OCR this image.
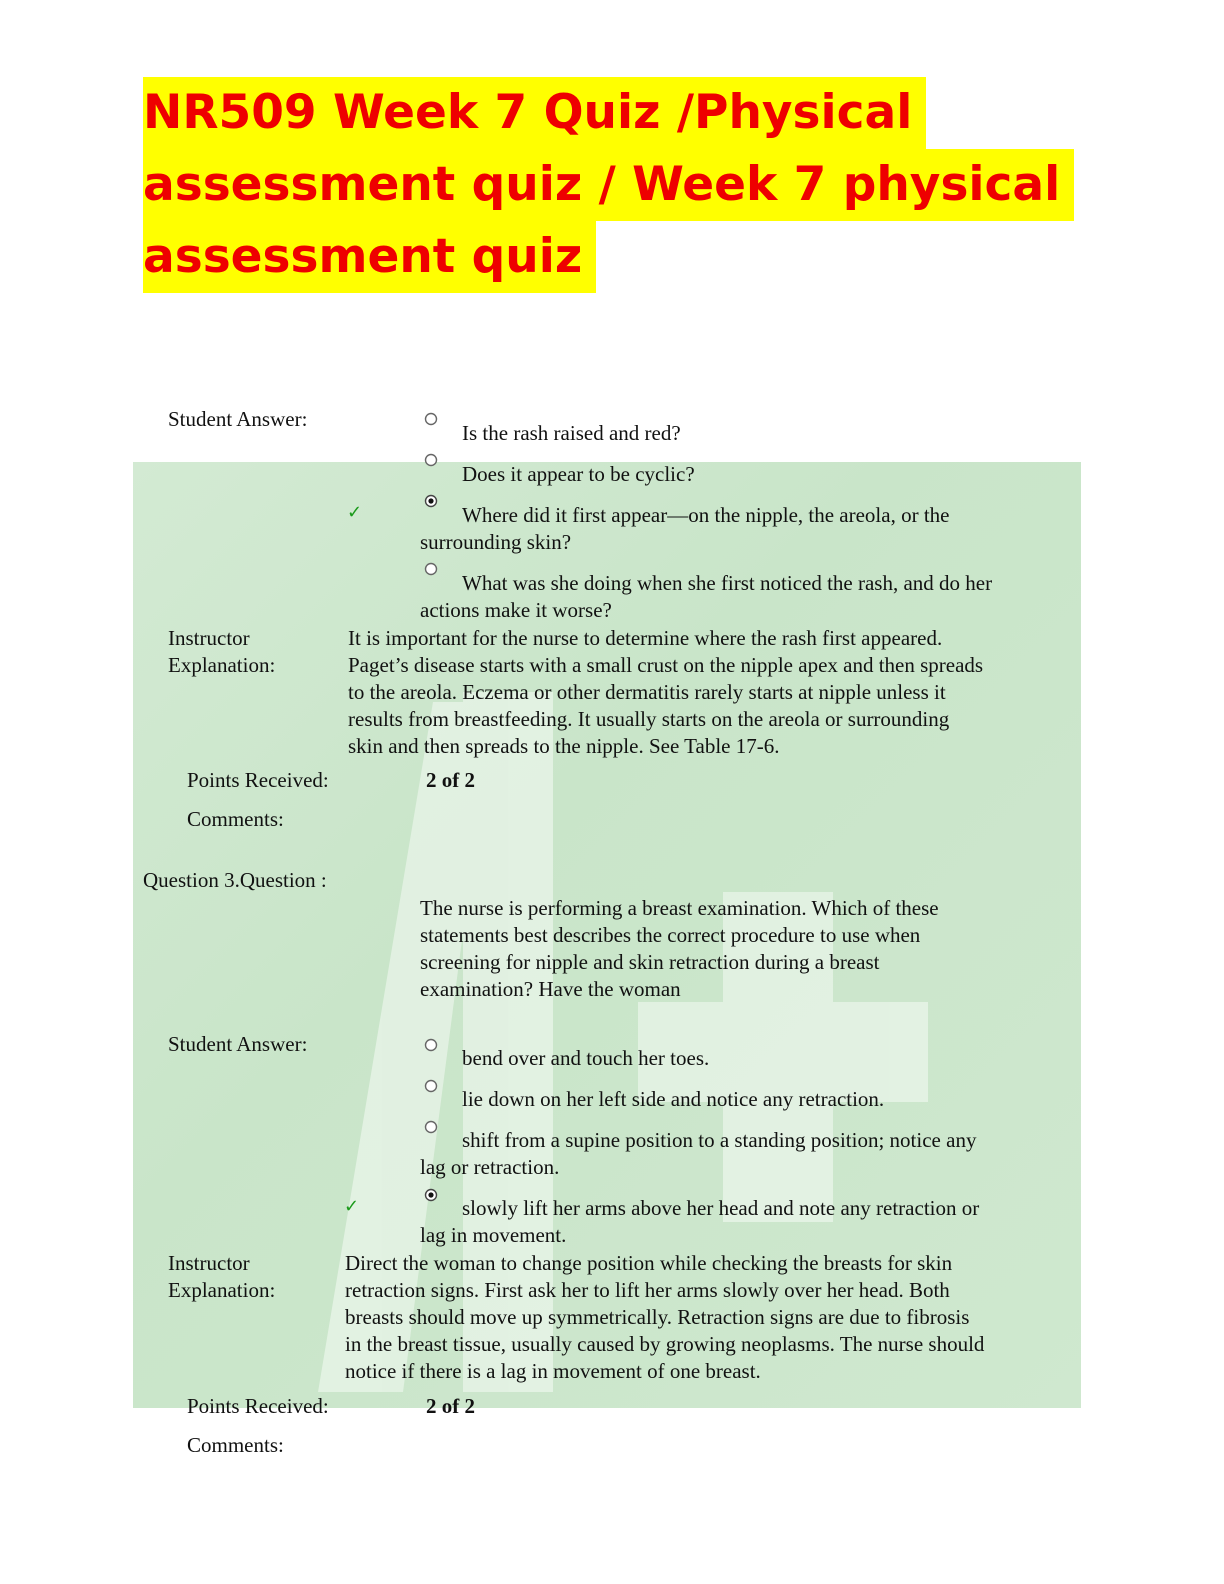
NR509 Week 7 Quiz /Physical
assessment quiz / Week 7 physical
assessment quiz
Student Answer:
Is the rash raised and red?
Does it appear to be cyclic?
✓	Where did it first appear—on the nipple, the areola, or the
surrounding skin?
What was she doing when she first noticed the rash, and do her
actions make it worse?
Instructor
Explanation:
It is important for the nurse to determine where the rash first appeared.
Paget’s disease starts with a small crust on the nipple apex and then spreads
to the areola. Eczema or other dermatitis rarely starts at nipple unless it
results from breastfeeding. It usually starts on the areola or surrounding
skin and then spreads to the nipple. See Table 17-6.
Points Received:	2 of 2
Comments:
Question 3.Question :
The nurse is performing a breast examination. Which of these
statements best describes the correct procedure to use when
screening for nipple and skin retraction during a breast
examination? Have the woman
Student Answer:
bend over and touch her toes.
lie down on her left side and notice any retraction.
shift from a supine position to a standing position; notice any
lag or retraction.
✓	slowly lift her arms above her head and note any retraction or
lag in movement.
Instructor
Explanation:
Direct the woman to change position while checking the breasts for skin
retraction signs. First ask her to lift her arms slowly over her head. Both
breasts should move up symmetrically. Retraction signs are due to fibrosis
in the breast tissue, usually caused by growing neoplasms. The nurse should
notice if there is a lag in movement of one breast.
Points Received:	2 of 2
Comments:
